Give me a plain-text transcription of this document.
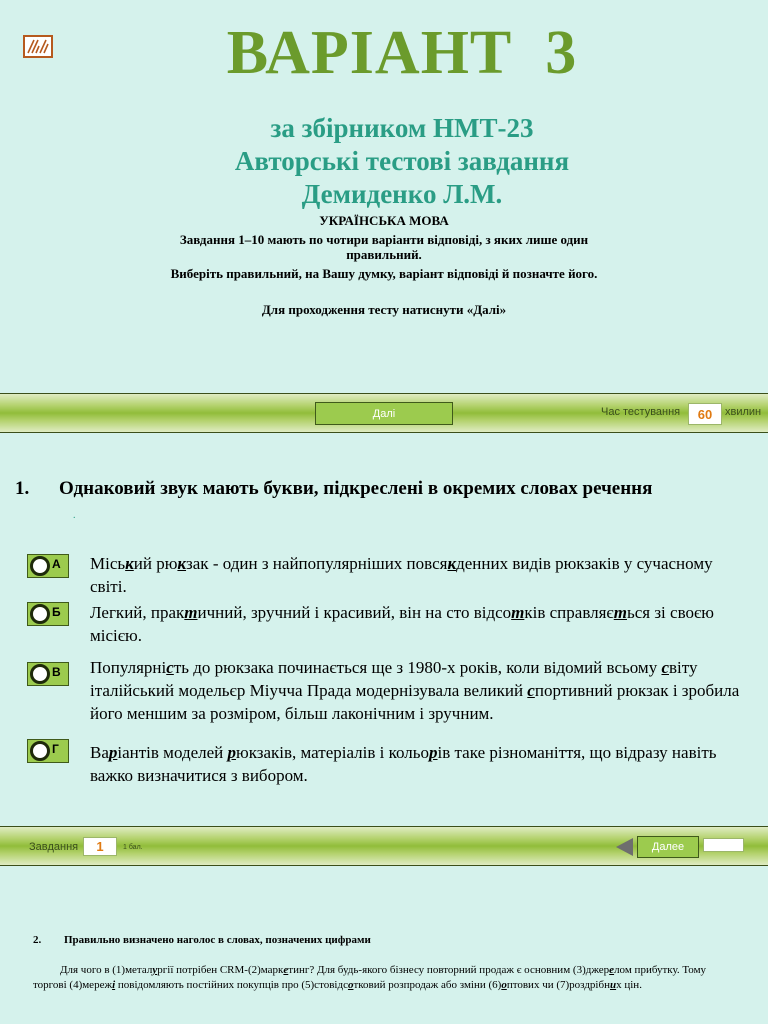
ВАРІАНТ  3
за збірником НМТ-23
Авторські тестові завдання
Демиденко Л.М.
УКРАЇНСЬКА МОВА
Завдання 1–10 мають по чотири варіанти відповіді, з яких лише один правильний.
Виберіть правильний, на Вашу думку, варіант відповіді й позначте його.
Для проходження тесту натиснути «Далі»
Далі	Час тестування	60	хвилин
1. Однаковий звук мають букви, підкреслені в окремих словах речення
.
А Міський рюкзак - один з найпопулярніших повсякденних видів рюкзаків у сучасному світі.
Б Легкий, практичний, зручний і красивий, він на сто відсотків справляється зі своєю місією.
В Популярність до рюкзака починається ще з 1980-х років, коли відомий всьому світу італійський модельєр Міучча Прада модернізувала великий спортивний рюкзак і зробила його меншим за розміром, більш лаконічним і зручним.
Г Варіантів моделей рюкзаків, матеріалів і кольорів таке різноманіття, що відразу навіть важко визначитися з вибором.
Завдання	1	1 бал.	Далее
2. Правильно визначено наголос в словах, позначених цифрами
Для чого в (1)металургії потрібен CRM-(2)маркетинг? Для будь-якого бізнесу повторний продаж є основним (3)джерелом прибутку. Тому торгові (4)мережі повідомляють постійних покупців про (5)стовідсотковий розпродаж або зміни (6)оптових чи (7)роздрібних цін.
